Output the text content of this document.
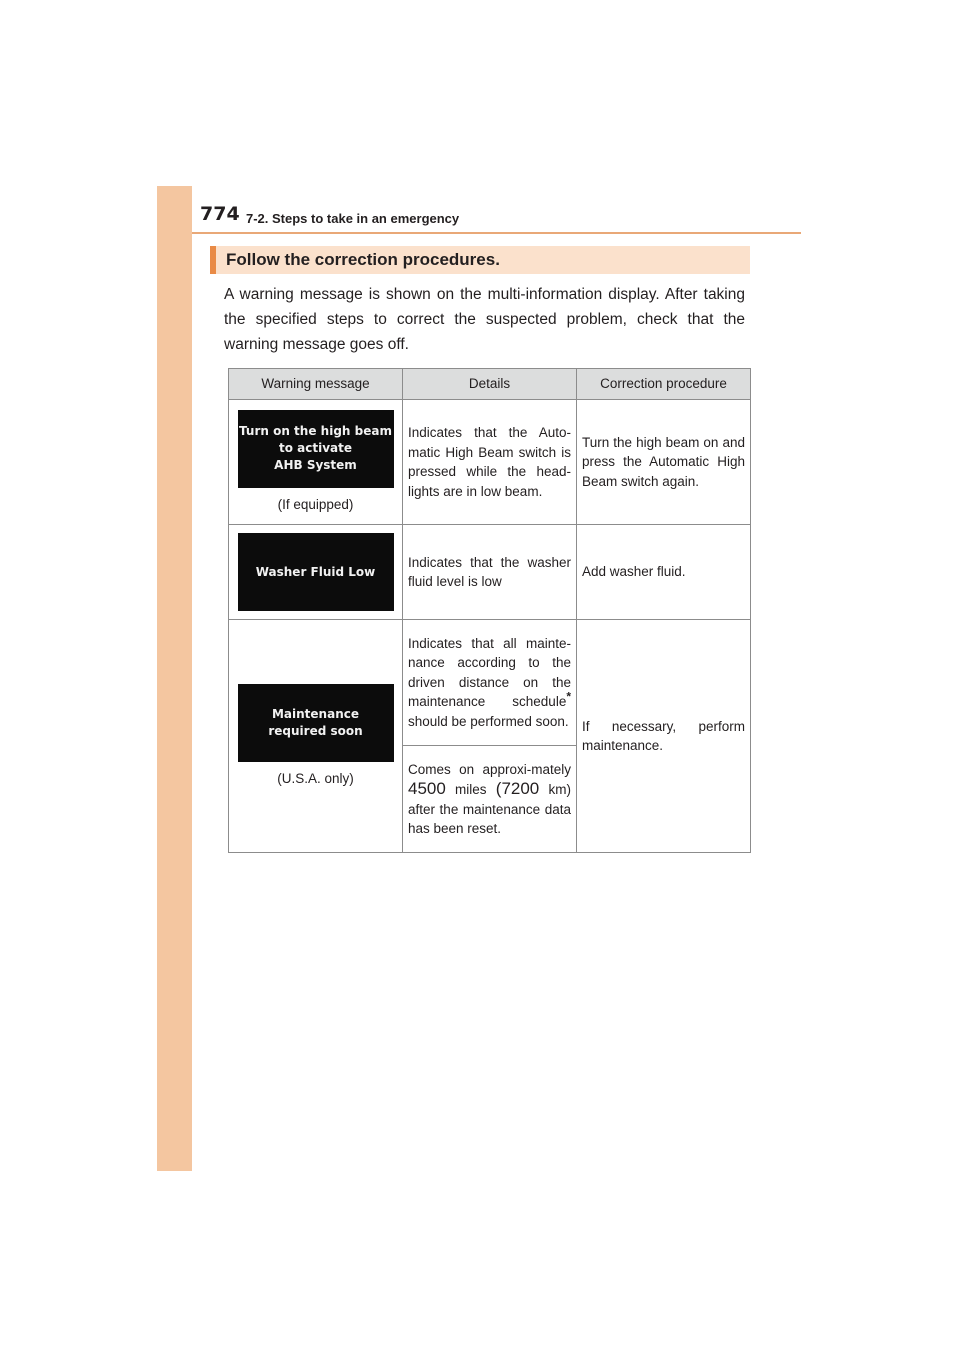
774 7-2. Steps to take in an emergency
Follow the correction procedures.

A warning message is shown on the multi-information display. After taking the specified steps to correct the suspected problem, check that the warning message goes off.

Warning message	Details	Correction procedure

Turn on the high beam
to activate
AHB System
(If equipped)	Indicates that the Auto-matic High Beam switch is pressed while the head-lights are in low beam.	Turn the high beam on and press the Automatic High Beam switch again.

Washer Fluid Low	Indicates that the washer fluid level is low	Add washer fluid.

Maintenance
required soon
(U.S.A. only)	Indicates that all mainte-nance according to the driven distance on the maintenance schedule* should be performed soon.	If necessary, perform maintenance.
	Comes on approxi-mately 4500 miles (7200 km) after the maintenance data has been reset.	
